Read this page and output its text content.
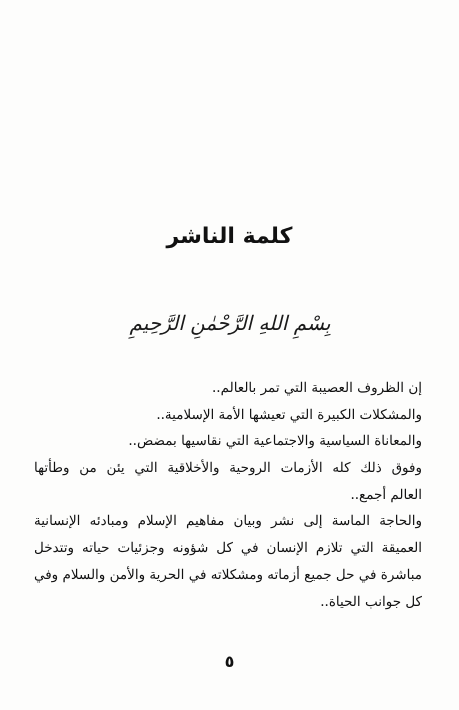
كلمة الناشر
بِسْمِ اللهِ الرَّحْمٰنِ الرَّحِيمِ
إن الظروف العصيبة التي تمر بالعالم..
والمشكلات الكبيرة التي تعيشها الأمة الإسلامية..
والمعاناة السياسية والاجتماعية التي نقاسيها بمضض..
وفوق ذلك كله الأزمات الروحية والأخلاقية التي يئن من وطأتها
العالم أجمع..
والحاجة الماسة إلى نشر وبيان مفاهيم الإسلام ومبادئه الإنسانية
العميقة التي تلازم الإنسان في كل شؤونه وجزئيات حياته وتتدخل
مباشرة في حل جميع أزماته ومشكلاته في الحرية والأمن والسلام وفي
كل جوانب الحياة..
٥
